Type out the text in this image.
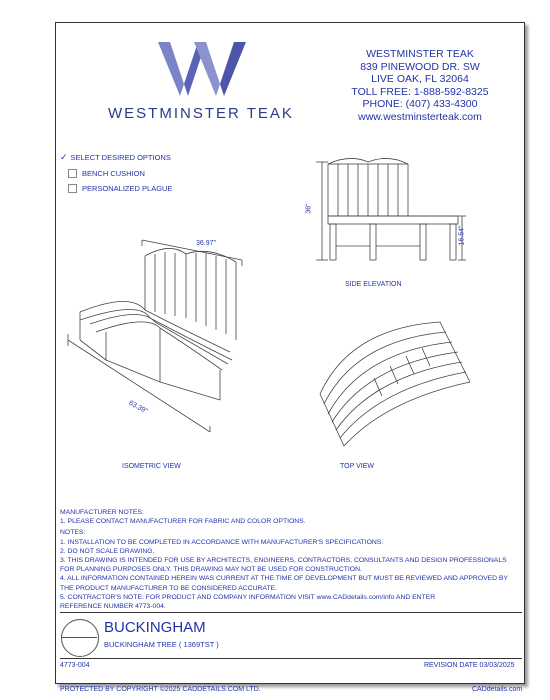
WESTMINSTER TEAK
WESTMINSTER TEAK
839 PINEWOOD DR. SW
LIVE OAK, FL 32064
TOLL FREE: 1-888-592-8325
PHONE: (407) 433-4300
www.westminsterteak.com
✓ SELECT DESIRED OPTIONS
BENCH CUSHION
PERSONALIZED PLAGUE
36"
16.54"
SIDE ELEVATION
36.97"
63.39"
ISOMETRIC VIEW	TOP VIEW

MANUFACTURER NOTES:

1. PLEASE CONTACT MANUFACTURER FOR FABRIC AND COLOR OPTIONS.

NOTES:

1. INSTALLATION TO BE COMPLETED IN ACCORDANCE WITH MANUFACTURER'S SPECIFICATIONS.

2. DO NOT SCALE DRAWING.

3. THIS DRAWING IS INTENDED FOR USE BY ARCHITECTS, ENGINEERS, CONTRACTORS, CONSULTANTS AND DESIGN PROFESSIONALS

FOR PLANNING PURPOSES ONLY. THIS DRAWING MAY NOT BE USED FOR CONSTRUCTION.

4. ALL INFORMATION CONTAINED HEREIN WAS CURRENT AT THE TIME OF DEVELOPMENT BUT MUST BE REVIEWED AND APPROVED BY

THE PRODUCT MANUFACTURER TO BE CONSIDERED ACCURATE.

5. CONTRACTOR'S NOTE: FOR PRODUCT AND COMPANY INFORMATION VISIT www.CADdetails.com/info AND ENTER

REFERENCE NUMBER 4773-004.

BUCKINGHAM
BUCKINGHAM TREE ( 1369TST )
4773-004	REVISION DATE 03/03/2025
PROTECTED BY COPYRIGHT ©2025 CADDETAILS.COM LTD.	CADdetails.com
